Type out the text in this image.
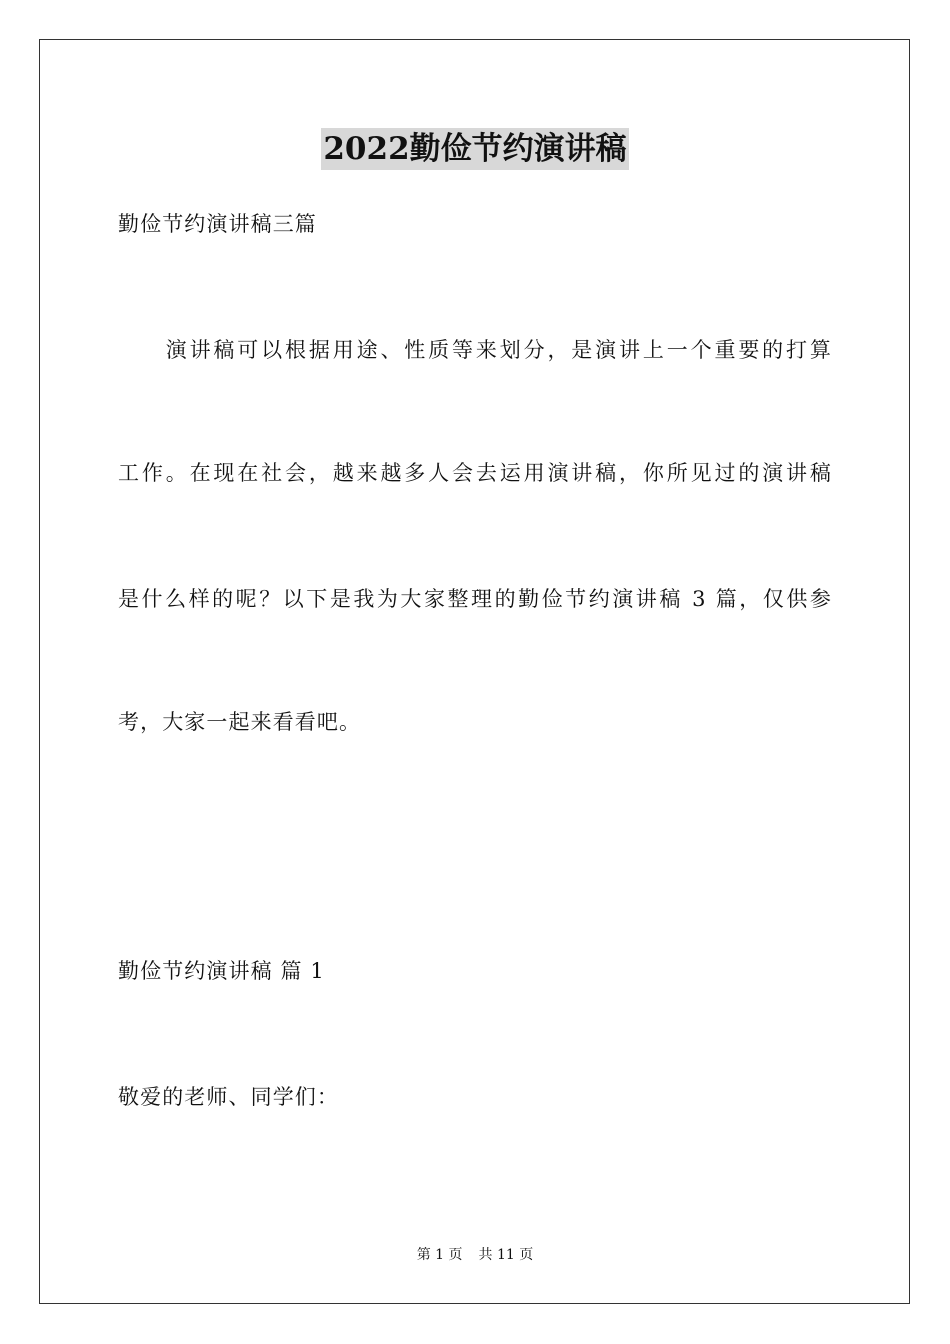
2022勤俭节约演讲稿
勤俭节约演讲稿三篇
　　演讲稿可以根据用途、性质等来划分，是演讲上一个重要的打算
工作。在现在社会，越来越多人会去运用演讲稿，你所见过的演讲稿
是什么样的呢？以下是我为大家整理的勤俭节约演讲稿 3 篇，仅供参
考，大家一起来看看吧。
勤俭节约演讲稿 篇 1
敬爱的老师、同学们：
第 1 页 共 11 页
